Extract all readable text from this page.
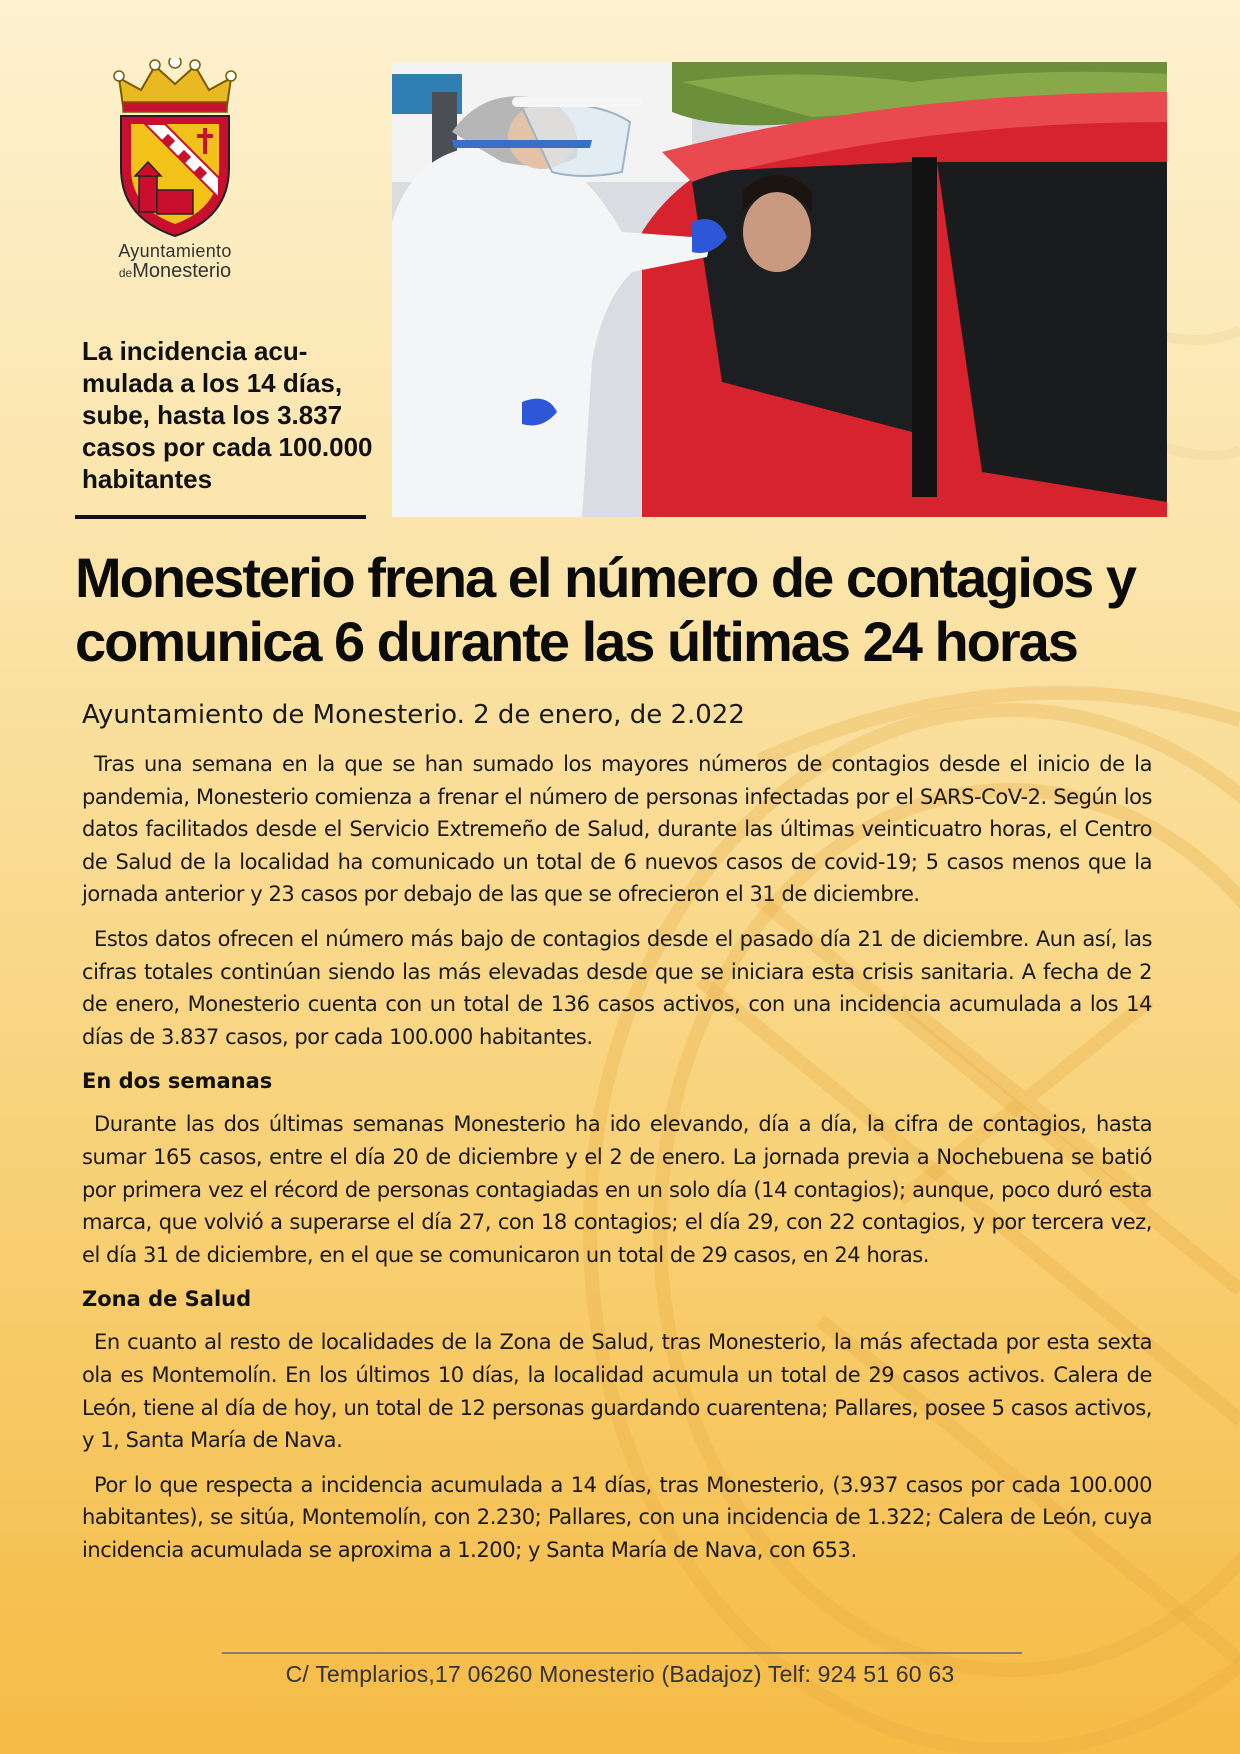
Ayuntamiento
deMonesterio

La incidencia acu-mulada a los 14 días, sube, hasta los 3.837 casos por cada 100.000 habitantes

Monesterio frena el número de contagios y comunica 6 durante las últimas 24 horas

Ayuntamiento de Monesterio. 2 de enero, de 2.022

Tras una semana en la que se han sumado los mayores números de contagios desde el inicio de la pandemia, Monesterio comienza a frenar el número de personas infectadas por el SARS-CoV-2. Según los datos facilitados desde el Servicio Extremeño de Salud, durante las últimas veinticuatro horas, el Centro de Salud de la localidad ha comunicado un total de 6 nuevos casos de covid-19; 5 casos menos que la jornada anterior y 23 casos por debajo de las que se ofrecieron el 31 de diciembre.

Estos datos ofrecen el número más bajo de contagios desde el pasado día 21 de diciembre. Aun así, las cifras totales continúan siendo las más elevadas desde que se iniciara esta crisis sanitaria. A fecha de 2 de enero, Monesterio cuenta con un total de 136 casos activos, con una incidencia acumulada a los 14 días de 3.837 casos, por cada 100.000 habitantes.

En dos semanas

Durante las dos últimas semanas Monesterio ha ido elevando, día a día, la cifra de contagios, hasta sumar 165 casos, entre el día 20 de diciembre y el 2 de enero. La jornada previa a Nochebuena se batió por primera vez el récord de personas contagiadas en un solo día (14 contagios); aunque, poco duró esta marca, que volvió a superarse el día 27, con 18 contagios; el día 29, con 22 contagios, y por tercera vez, el día 31 de diciembre, en el que se comunicaron un total de 29 casos, en 24 horas.

Zona de Salud

En cuanto al resto de localidades de la Zona de Salud, tras Monesterio, la más afectada por esta sexta ola es Montemolín. En los últimos 10 días, la localidad acumula un total de 29 casos activos. Calera de León, tiene al día de hoy, un total de 12 personas guardando cuarentena; Pallares, posee 5 casos activos, y 1, Santa María de Nava.

Por lo que respecta a incidencia acumulada a 14 días, tras Monesterio, (3.937 casos por cada 100.000 habitantes), se sitúa, Montemolín, con 2.230; Pallares, con una incidencia de 1.322; Calera de León, cuya incidencia acumulada se aproxima a 1.200; y Santa María de Nava, con 653.

C/ Templarios,17 06260 Monesterio (Badajoz) Telf: 924 51 60 63
